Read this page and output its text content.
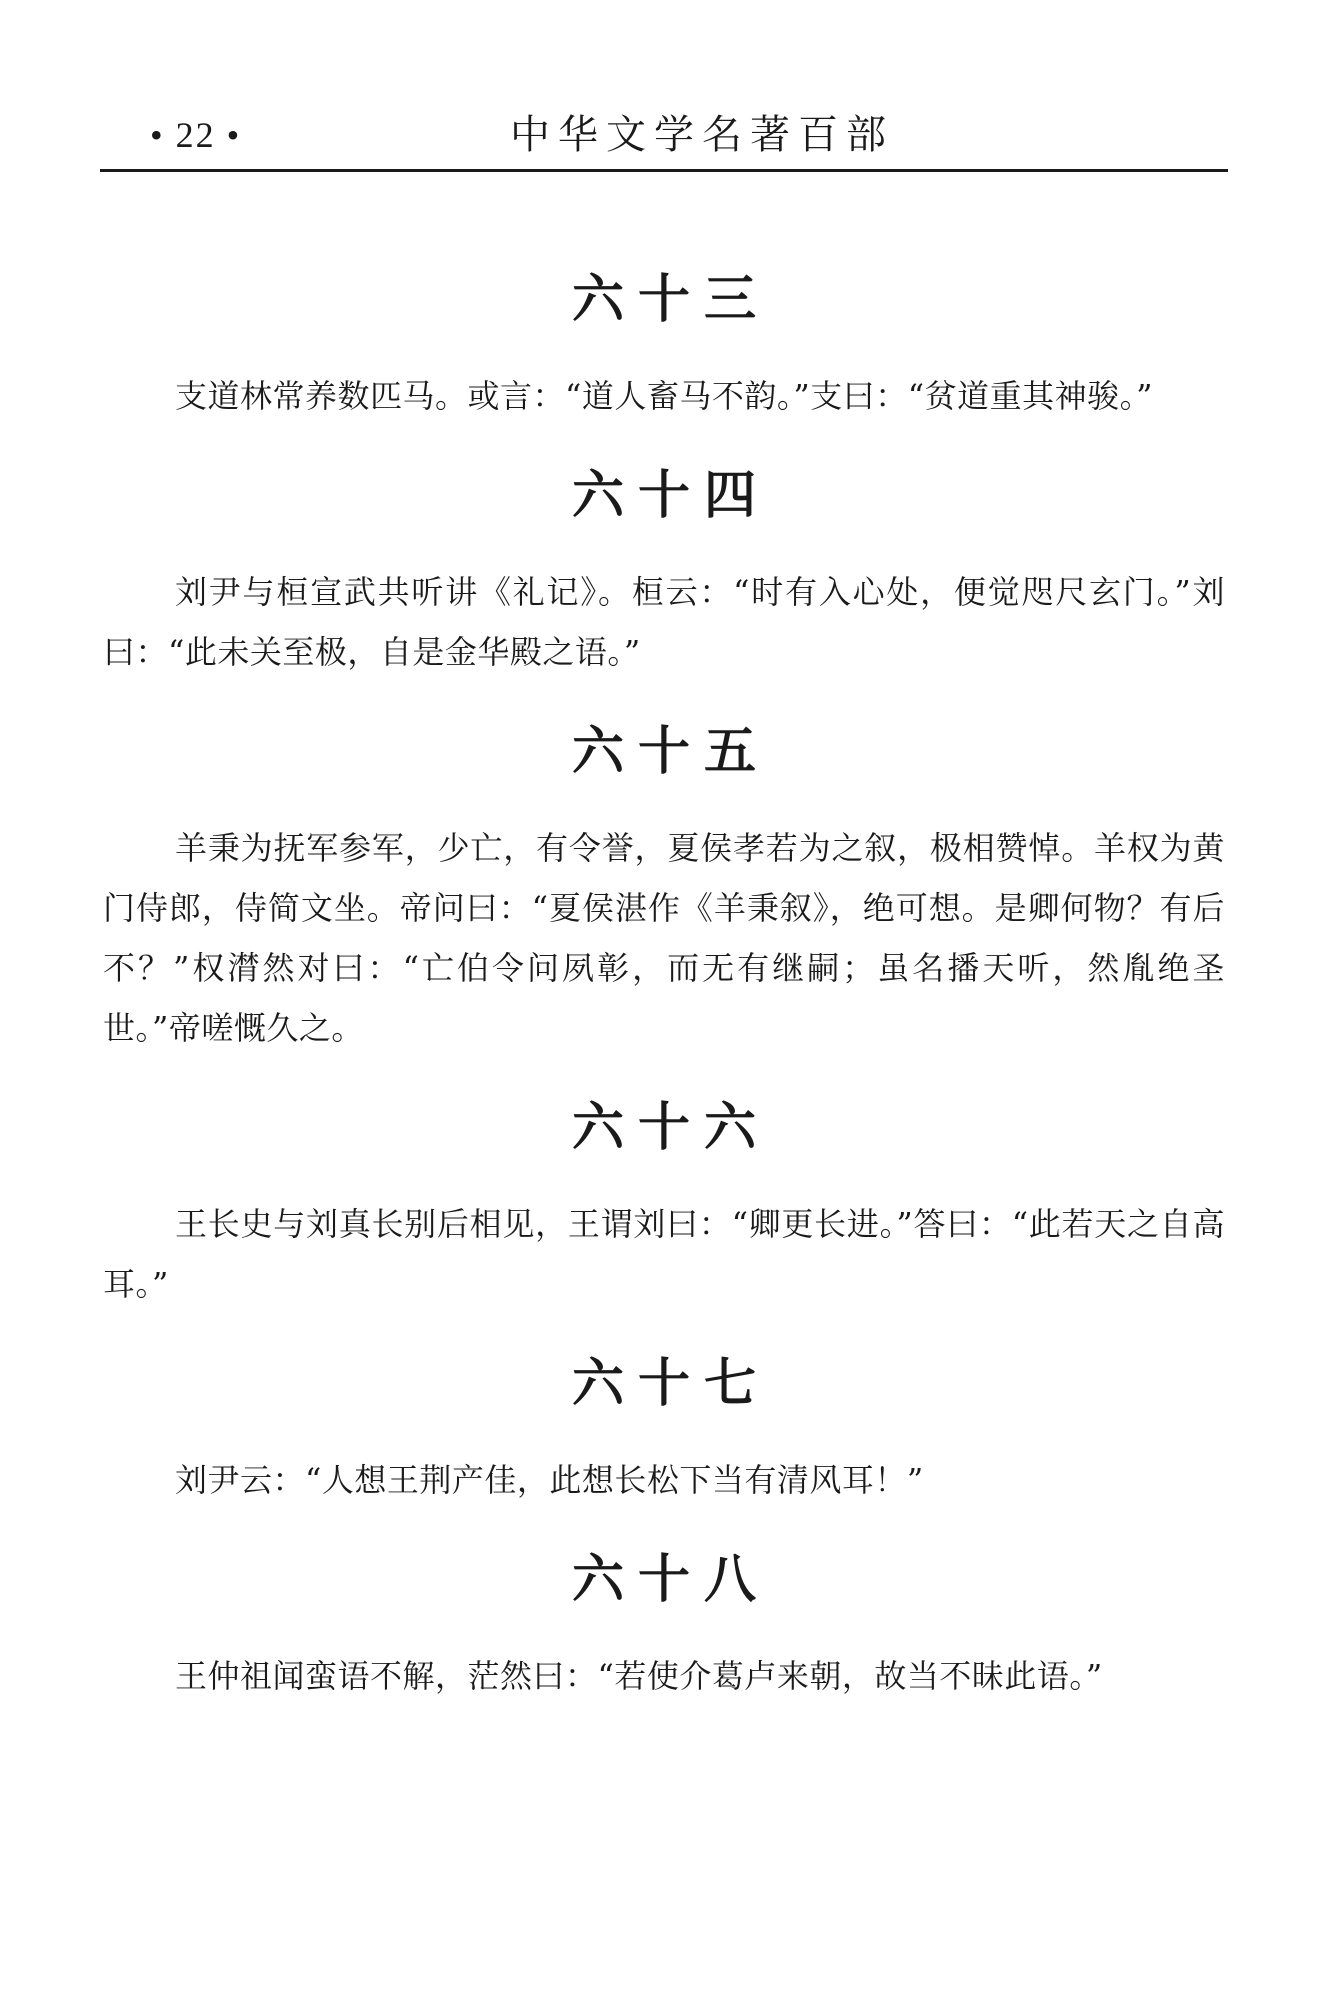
• 22 •	中华文学名著百部
六十三

支道林常养数匹马。或言：“道人畜马不韵。”支曰：“贫道重其神骏。”

六十四

刘尹与桓宣武共听讲《礼记》。桓云：“时有入心处，便觉咫尺玄门。”刘曰：“此未关至极，自是金华殿之语。”

六十五

羊秉为抚军参军，少亡，有令誉，夏侯孝若为之叙，极相赞悼。羊权为黄门侍郎，侍简文坐。帝问曰：“夏侯湛作《羊秉叙》，绝可想。是卿何物？有后不？”权潸然对曰：“亡伯令问夙彰，而无有继嗣；虽名播天听，然胤绝圣世。”帝嗟慨久之。

六十六

王长史与刘真长别后相见，王谓刘曰：“卿更长进。”答曰：“此若天之自高耳。”

六十七

刘尹云：“人想王荆产佳，此想长松下当有清风耳！”

六十八

王仲祖闻蛮语不解，茫然曰：“若使介葛卢来朝，故当不昧此语。”
